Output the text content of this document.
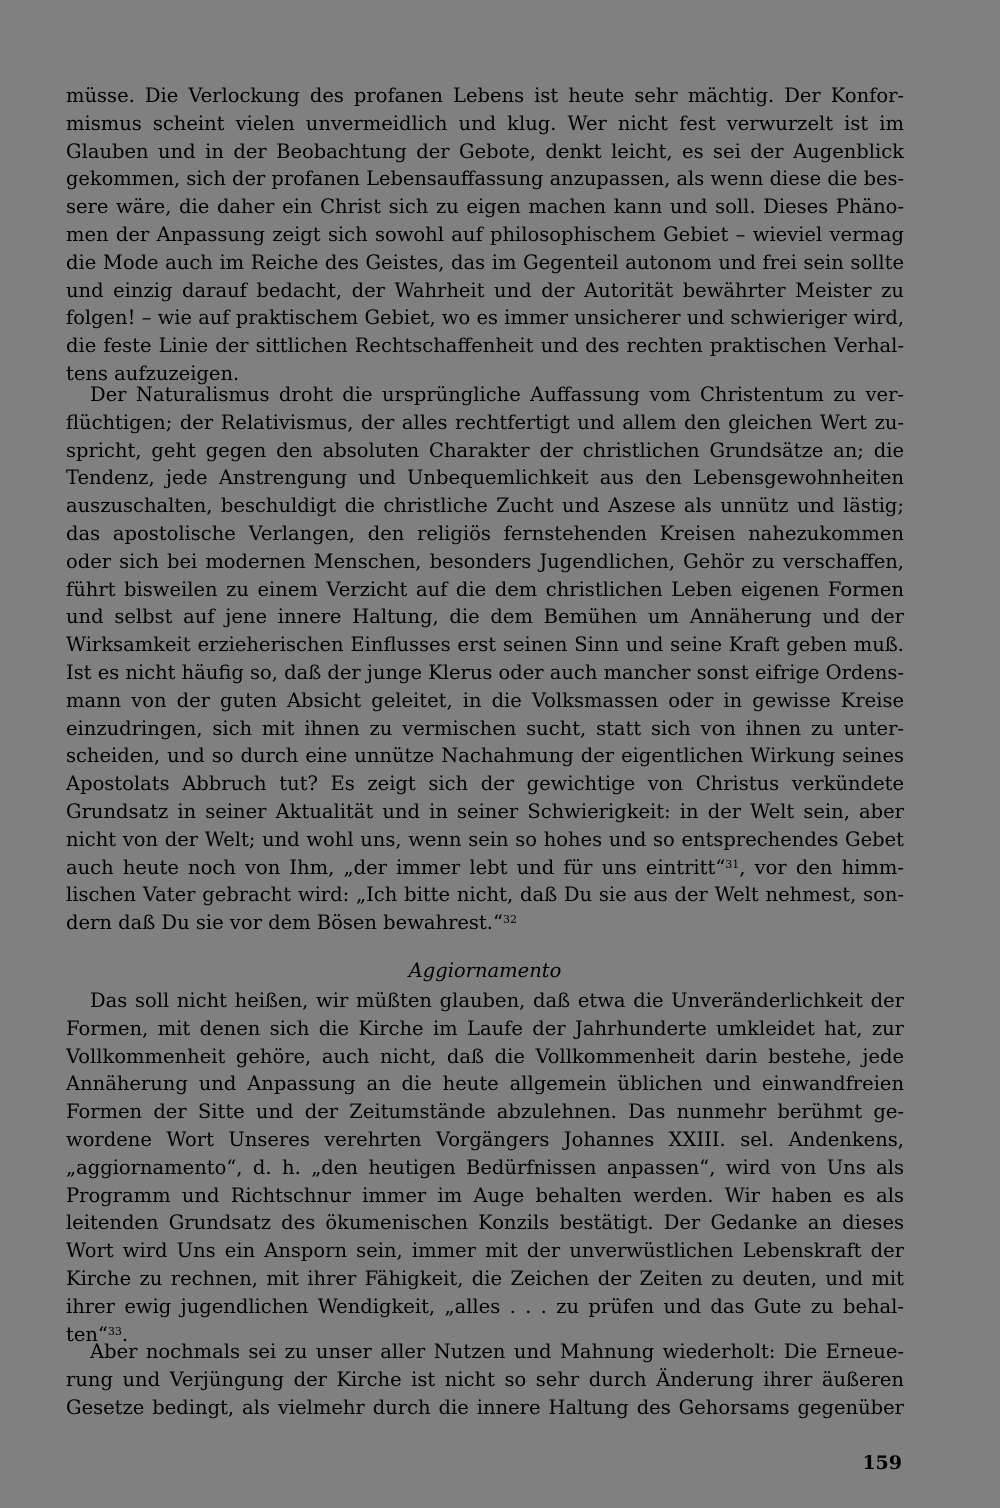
müsse. Die Verlockung des profanen Lebens ist heute sehr mächtig. Der Konfor-
mismus scheint vielen unvermeidlich und klug. Wer nicht fest verwurzelt ist im
Glauben und in der Beobachtung der Gebote, denkt leicht, es sei der Augenblick
gekommen, sich der profanen Lebensauffassung anzupassen, als wenn diese die bes-
sere wäre, die daher ein Christ sich zu eigen machen kann und soll. Dieses Phäno-
men der Anpassung zeigt sich sowohl auf philosophischem Gebiet – wieviel vermag
die Mode auch im Reiche des Geistes, das im Gegenteil autonom und frei sein sollte
und einzig darauf bedacht, der Wahrheit und der Autorität bewährter Meister zu
folgen! – wie auf praktischem Gebiet, wo es immer unsicherer und schwieriger wird,
die feste Linie der sittlichen Rechtschaffenheit und des rechten praktischen Verhal-
tens aufzuzeigen.
Der Naturalismus droht die ursprüngliche Auffassung vom Christentum zu ver-
flüchtigen; der Relativismus, der alles rechtfertigt und allem den gleichen Wert zu-
spricht, geht gegen den absoluten Charakter der christlichen Grundsätze an; die
Tendenz, jede Anstrengung und Unbequemlichkeit aus den Lebensgewohnheiten
auszuschalten, beschuldigt die christliche Zucht und Aszese als unnütz und lästig;
das apostolische Verlangen, den religiös fernstehenden Kreisen nahezukommen
oder sich bei modernen Menschen, besonders Jugendlichen, Gehör zu verschaffen,
führt bisweilen zu einem Verzicht auf die dem christlichen Leben eigenen Formen
und selbst auf jene innere Haltung, die dem Bemühen um Annäherung und der
Wirksamkeit erzieherischen Einflusses erst seinen Sinn und seine Kraft geben muß.
Ist es nicht häufig so, daß der junge Klerus oder auch mancher sonst eifrige Ordens-
mann von der guten Absicht geleitet, in die Volksmassen oder in gewisse Kreise
einzudringen, sich mit ihnen zu vermischen sucht, statt sich von ihnen zu unter-
scheiden, und so durch eine unnütze Nachahmung der eigentlichen Wirkung seines
Apostolats Abbruch tut? Es zeigt sich der gewichtige von Christus verkündete
Grundsatz in seiner Aktualität und in seiner Schwierigkeit: in der Welt sein, aber
nicht von der Welt; und wohl uns, wenn sein so hohes und so entsprechendes Gebet
auch heute noch von Ihm, „der immer lebt und für uns eintritt“$^{31}$, vor den himm-
lischen Vater gebracht wird: „Ich bitte nicht, daß Du sie aus der Welt nehmest, son-
dern daß Du sie vor dem Bösen bewahrest.“$^{32}$
Aggiornamento
Das soll nicht heißen, wir müßten glauben, daß etwa die Unveränderlichkeit der
Formen, mit denen sich die Kirche im Laufe der Jahrhunderte umkleidet hat, zur
Vollkommenheit gehöre, auch nicht, daß die Vollkommenheit darin bestehe, jede
Annäherung und Anpassung an die heute allgemein üblichen und einwandfreien
Formen der Sitte und der Zeitumstände abzulehnen. Das nunmehr berühmt ge-
wordene Wort Unseres verehrten Vorgängers Johannes XXIII. sel. Andenkens,
„aggiornamento“, d. h. „den heutigen Bedürfnissen anpassen“, wird von Uns als
Programm und Richtschnur immer im Auge behalten werden. Wir haben es als
leitenden Grundsatz des ökumenischen Konzils bestätigt. Der Gedanke an dieses
Wort wird Uns ein Ansporn sein, immer mit der unverwüstlichen Lebenskraft der
Kirche zu rechnen, mit ihrer Fähigkeit, die Zeichen der Zeiten zu deuten, und mit
ihrer ewig jugendlichen Wendigkeit, „alles . . . zu prüfen und das Gute zu behal-
ten“$^{33}$.
Aber nochmals sei zu unser aller Nutzen und Mahnung wiederholt: Die Erneue-
rung und Verjüngung der Kirche ist nicht so sehr durch Änderung ihrer äußeren
Gesetze bedingt, als vielmehr durch die innere Haltung des Gehorsams gegenüber
159
